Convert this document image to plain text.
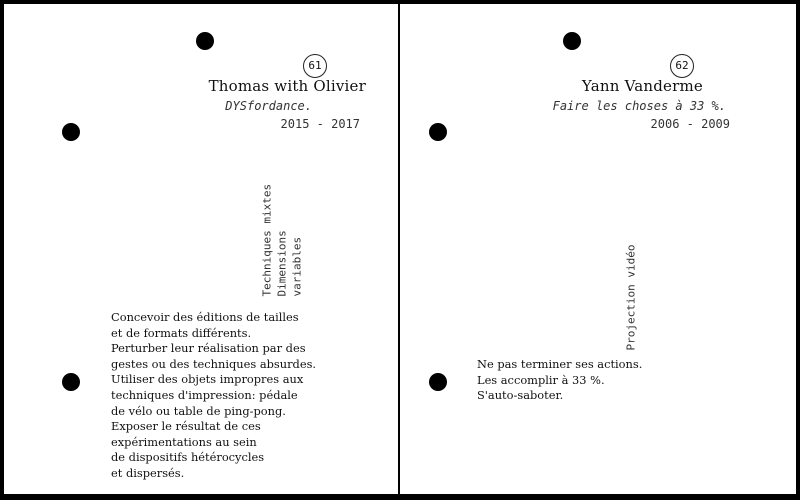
61
Thomas with Olivier
DYSfordance.
2015 - 2017
Techniques mixtes Dimensions variables
Concevoir des éditions de tailles
et de formats différents.
Perturber leur réalisation par des
gestes ou des techniques absurdes.
Utiliser des objets impropres aux
techniques d'impression: pédale
de vélo ou table de ping-pong.
Exposer le résultat de ces
expérimentations au sein
de dispositifs hétérocycles
et dispersés.
62
Yann Vanderme
Faire les choses à 33 %.
2006 - 2009
Projection vidéo
Ne pas terminer ses actions.
Les accomplir à 33 %.
S'auto-saboter.
